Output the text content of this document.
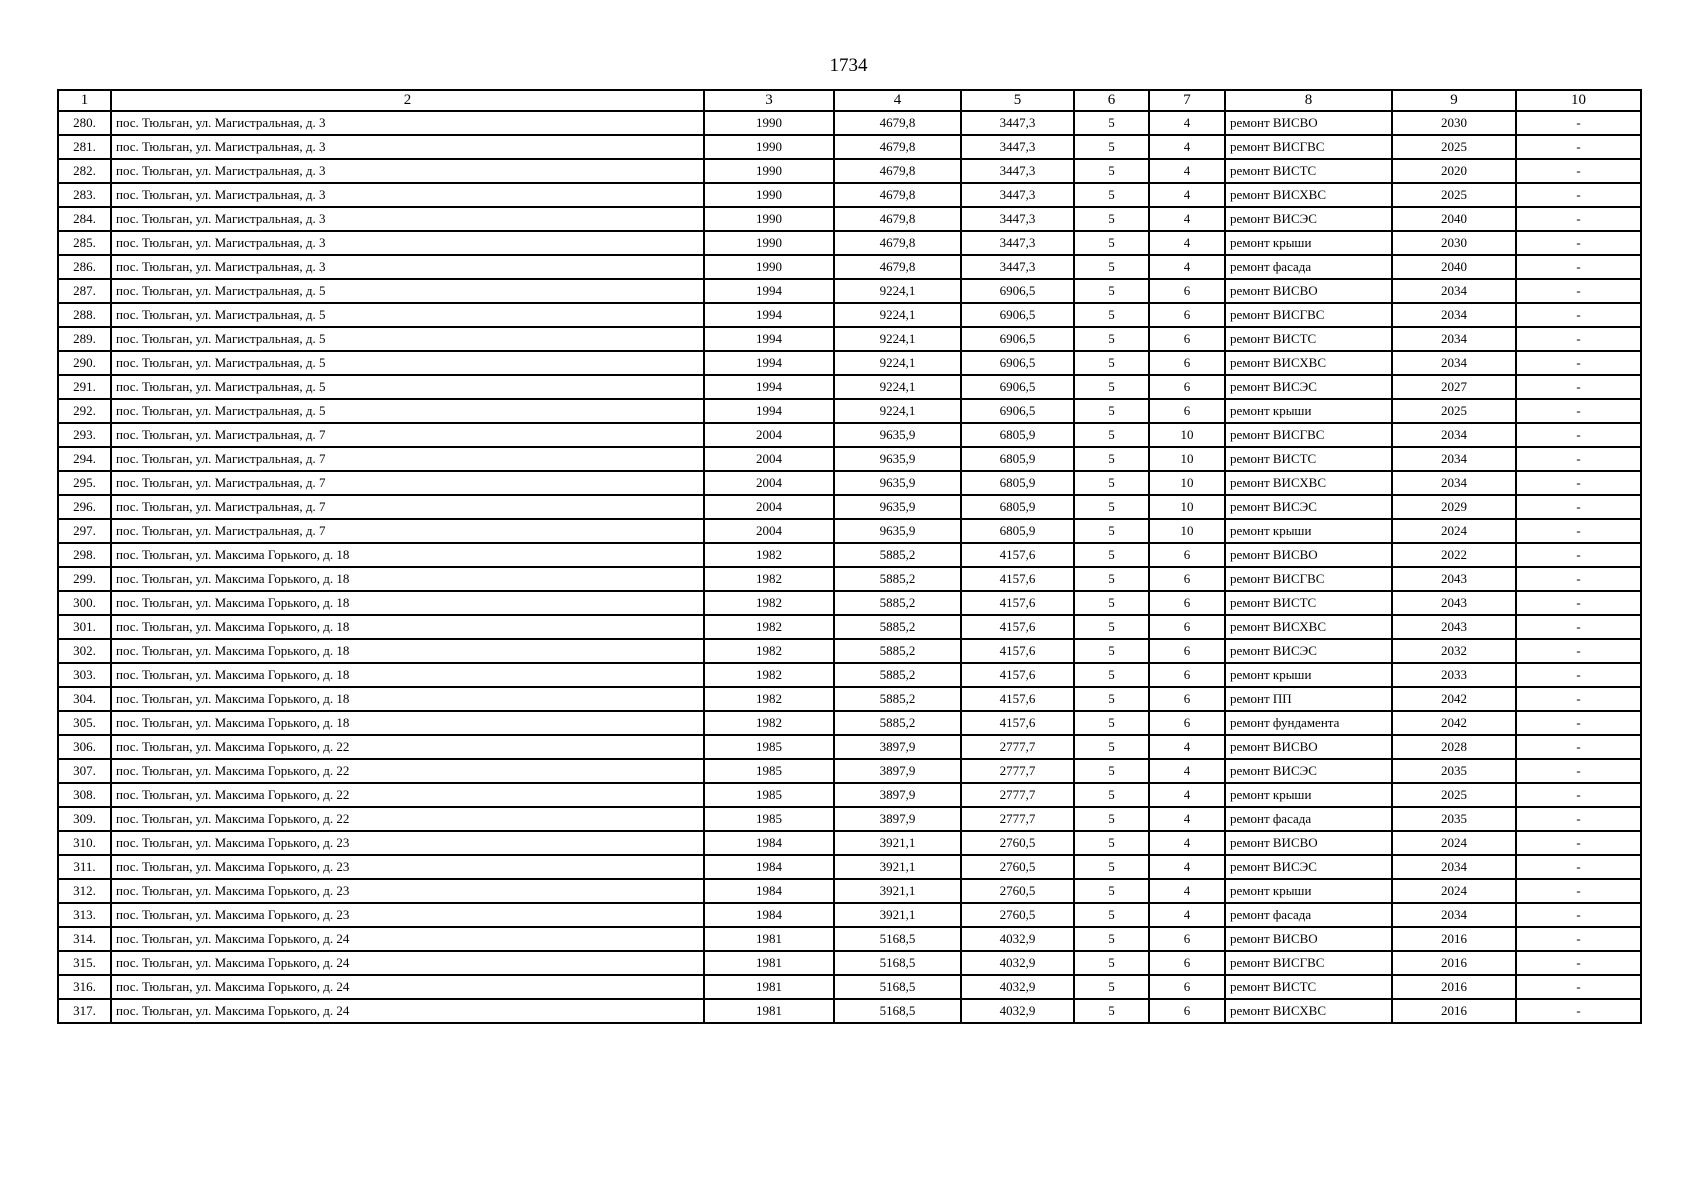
1734
1	2	3	4	5	6	7	8	9	10
280.	пос. Тюльган, ул. Магистральная, д. 3	1990	4679,8	3447,3	5	4	ремонт ВИСВО	2030	-
281.	пос. Тюльган, ул. Магистральная, д. 3	1990	4679,8	3447,3	5	4	ремонт ВИСГВС	2025	-
282.	пос. Тюльган, ул. Магистральная, д. 3	1990	4679,8	3447,3	5	4	ремонт ВИСТС	2020	-
283.	пос. Тюльган, ул. Магистральная, д. 3	1990	4679,8	3447,3	5	4	ремонт ВИСХВС	2025	-
284.	пос. Тюльган, ул. Магистральная, д. 3	1990	4679,8	3447,3	5	4	ремонт ВИСЭС	2040	-
285.	пос. Тюльган, ул. Магистральная, д. 3	1990	4679,8	3447,3	5	4	ремонт крыши	2030	-
286.	пос. Тюльган, ул. Магистральная, д. 3	1990	4679,8	3447,3	5	4	ремонт фасада	2040	-
287.	пос. Тюльган, ул. Магистральная, д. 5	1994	9224,1	6906,5	5	6	ремонт ВИСВО	2034	-
288.	пос. Тюльган, ул. Магистральная, д. 5	1994	9224,1	6906,5	5	6	ремонт ВИСГВС	2034	-
289.	пос. Тюльган, ул. Магистральная, д. 5	1994	9224,1	6906,5	5	6	ремонт ВИСТС	2034	-
290.	пос. Тюльган, ул. Магистральная, д. 5	1994	9224,1	6906,5	5	6	ремонт ВИСХВС	2034	-
291.	пос. Тюльган, ул. Магистральная, д. 5	1994	9224,1	6906,5	5	6	ремонт ВИСЭС	2027	-
292.	пос. Тюльган, ул. Магистральная, д. 5	1994	9224,1	6906,5	5	6	ремонт крыши	2025	-
293.	пос. Тюльган, ул. Магистральная, д. 7	2004	9635,9	6805,9	5	10	ремонт ВИСГВС	2034	-
294.	пос. Тюльган, ул. Магистральная, д. 7	2004	9635,9	6805,9	5	10	ремонт ВИСТС	2034	-
295.	пос. Тюльган, ул. Магистральная, д. 7	2004	9635,9	6805,9	5	10	ремонт ВИСХВС	2034	-
296.	пос. Тюльган, ул. Магистральная, д. 7	2004	9635,9	6805,9	5	10	ремонт ВИСЭС	2029	-
297.	пос. Тюльган, ул. Магистральная, д. 7	2004	9635,9	6805,9	5	10	ремонт крыши	2024	-
298.	пос. Тюльган, ул. Максима Горького, д. 18	1982	5885,2	4157,6	5	6	ремонт ВИСВО	2022	-
299.	пос. Тюльган, ул. Максима Горького, д. 18	1982	5885,2	4157,6	5	6	ремонт ВИСГВС	2043	-
300.	пос. Тюльган, ул. Максима Горького, д. 18	1982	5885,2	4157,6	5	6	ремонт ВИСТС	2043	-
301.	пос. Тюльган, ул. Максима Горького, д. 18	1982	5885,2	4157,6	5	6	ремонт ВИСХВС	2043	-
302.	пос. Тюльган, ул. Максима Горького, д. 18	1982	5885,2	4157,6	5	6	ремонт ВИСЭС	2032	-
303.	пос. Тюльган, ул. Максима Горького, д. 18	1982	5885,2	4157,6	5	6	ремонт крыши	2033	-
304.	пос. Тюльган, ул. Максима Горького, д. 18	1982	5885,2	4157,6	5	6	ремонт ПП	2042	-
305.	пос. Тюльган, ул. Максима Горького, д. 18	1982	5885,2	4157,6	5	6	ремонт фундамента	2042	-
306.	пос. Тюльган, ул. Максима Горького, д. 22	1985	3897,9	2777,7	5	4	ремонт ВИСВО	2028	-
307.	пос. Тюльган, ул. Максима Горького, д. 22	1985	3897,9	2777,7	5	4	ремонт ВИСЭС	2035	-
308.	пос. Тюльган, ул. Максима Горького, д. 22	1985	3897,9	2777,7	5	4	ремонт крыши	2025	-
309.	пос. Тюльган, ул. Максима Горького, д. 22	1985	3897,9	2777,7	5	4	ремонт фасада	2035	-
310.	пос. Тюльган, ул. Максима Горького, д. 23	1984	3921,1	2760,5	5	4	ремонт ВИСВО	2024	-
311.	пос. Тюльган, ул. Максима Горького, д. 23	1984	3921,1	2760,5	5	4	ремонт ВИСЭС	2034	-
312.	пос. Тюльган, ул. Максима Горького, д. 23	1984	3921,1	2760,5	5	4	ремонт крыши	2024	-
313.	пос. Тюльган, ул. Максима Горького, д. 23	1984	3921,1	2760,5	5	4	ремонт фасада	2034	-
314.	пос. Тюльган, ул. Максима Горького, д. 24	1981	5168,5	4032,9	5	6	ремонт ВИСВО	2016	-
315.	пос. Тюльган, ул. Максима Горького, д. 24	1981	5168,5	4032,9	5	6	ремонт ВИСГВС	2016	-
316.	пос. Тюльган, ул. Максима Горького, д. 24	1981	5168,5	4032,9	5	6	ремонт ВИСТС	2016	-
317.	пос. Тюльган, ул. Максима Горького, д. 24	1981	5168,5	4032,9	5	6	ремонт ВИСХВС	2016	-
